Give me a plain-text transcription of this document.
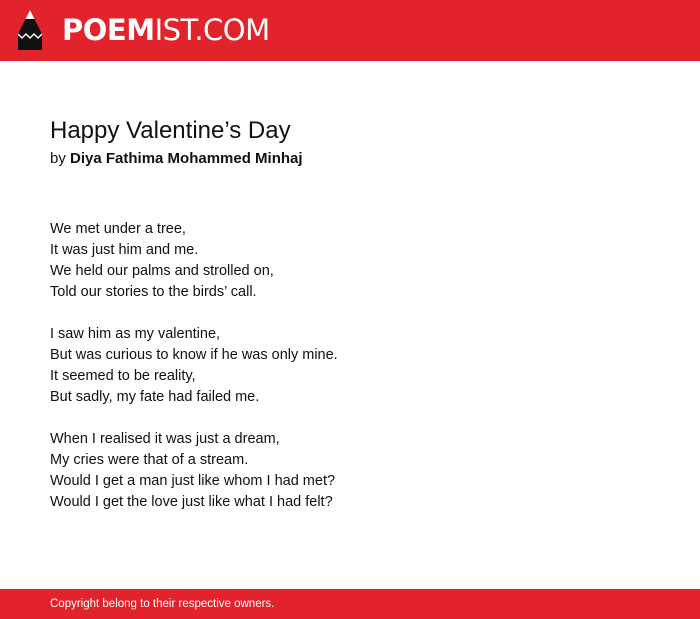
POEMIST.COM
Happy Valentine’s Day
by Diya Fathima Mohammed Minhaj
We met under a tree,
It was just him and me.
We held our palms and strolled on,
Told our stories to the birds’ call.
I saw him as my valentine,
But was curious to know if he was only mine.
It seemed to be reality,
But sadly, my fate had failed me.
When I realised it was just a dream,
My cries were that of a stream.
Would I get a man just like whom I had met?
Would I get the love just like what I had felt?
Copyright belong to their respective owners.
